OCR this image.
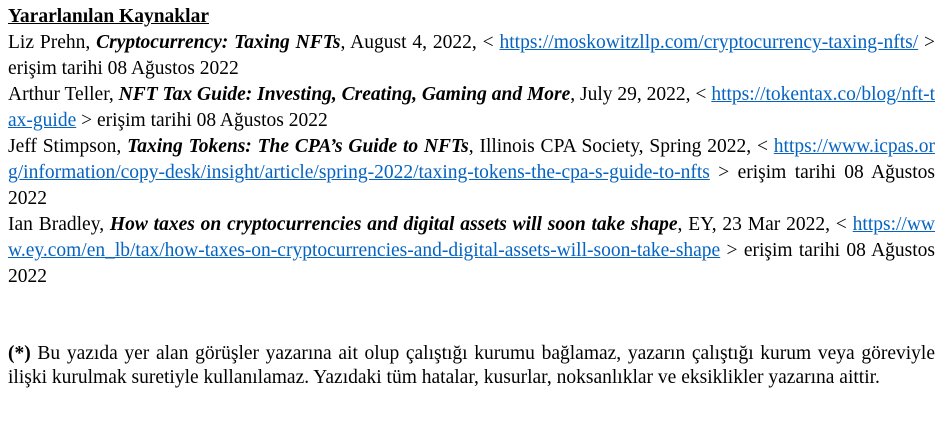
Yararlanılan Kaynaklar

Liz Prehn, Cryptocurrency: Taxing NFTs, August 4, 2022, < https://moskowitzllp.com/cryptocurrency-taxing-nfts/ > erişim tarihi 08 Ağustos 2022

Arthur Teller, NFT Tax Guide: Investing, Creating, Gaming and More, July 29, 2022, < https://tokentax.co/blog/nft-tax-guide > erişim tarihi 08 Ağustos 2022

Jeff Stimpson, Taxing Tokens: The CPA’s Guide to NFTs, Illinois CPA Society, Spring 2022, < https://www.icpas.org/information/copy-desk/insight/article/spring-2022/taxing-tokens-the-cpa-s-guide-to-nfts > erişim tarihi 08 Ağustos 2022

Ian Bradley, How taxes on cryptocurrencies and digital assets will soon take shape, EY, 23 Mar 2022, < https://www.ey.com/en_lb/tax/how-taxes-on-cryptocurrencies-and-digital-assets-will-soon-take-shape > erişim tarihi 08 Ağustos 2022

(*) Bu yazıda yer alan görüşler yazarına ait olup çalıştığı kurumu bağlamaz, yazarın çalıştığı kurum veya göreviyle ilişki kurulmak suretiyle kullanılamaz. Yazıdaki tüm hatalar, kusurlar, noksanlıklar ve eksiklikler yazarına aittir.
